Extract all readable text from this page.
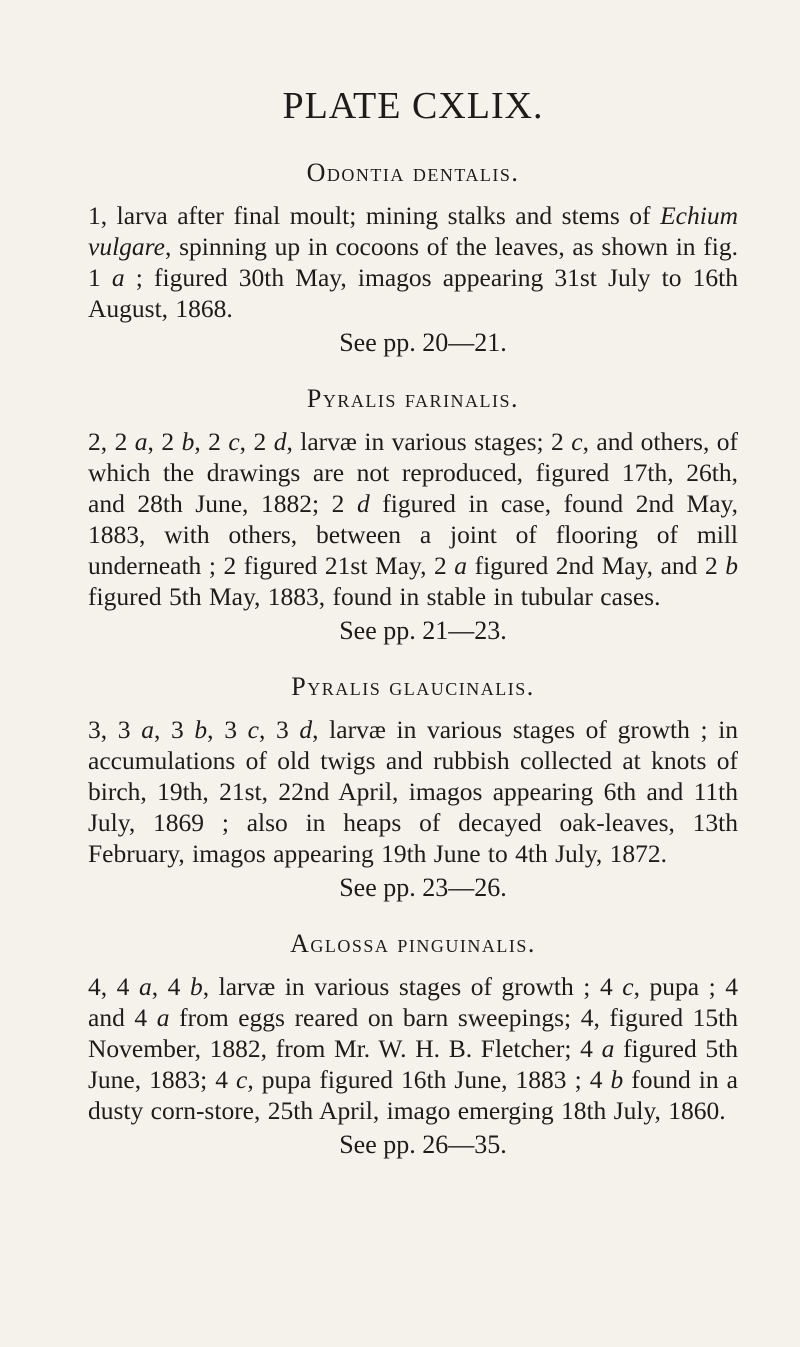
PLATE CXLIX.
Odontia dentalis.

1, larva after final moult; mining stalks and stems of Echium vulgare, spinning up in cocoons of the leaves, as shown in fig. 1 a ; figured 30th May, imagos appearing 31st July to 16th August, 1868.

See pp. 20—21.

Pyralis farinalis.

2, 2 a, 2 b, 2 c, 2 d, larvæ in various stages; 2 c, and others, of which the drawings are not reproduced, figured 17th, 26th, and 28th June, 1882; 2 d figured in case, found 2nd May, 1883, with others, between a joint of flooring of mill underneath ; 2 figured 21st May, 2 a figured 2nd May, and 2 b figured 5th May, 1883, found in stable in tubular cases.

See pp. 21—23.

Pyralis glaucinalis.

3, 3 a, 3 b, 3 c, 3 d, larvæ in various stages of growth ; in accumulations of old twigs and rubbish collected at knots of birch, 19th, 21st, 22nd April, imagos appearing 6th and 11th July, 1869 ; also in heaps of decayed oak-leaves, 13th February, imagos appearing 19th June to 4th July, 1872.

See pp. 23—26.

Aglossa pinguinalis.

4, 4 a, 4 b, larvæ in various stages of growth ; 4 c, pupa ; 4 and 4 a from eggs reared on barn sweepings; 4, figured 15th November, 1882, from Mr. W. H. B. Fletcher; 4 a figured 5th June, 1883; 4 c, pupa figured 16th June, 1883 ; 4 b found in a dusty corn-store, 25th April, imago emerging 18th July, 1860.

See pp. 26—35.
